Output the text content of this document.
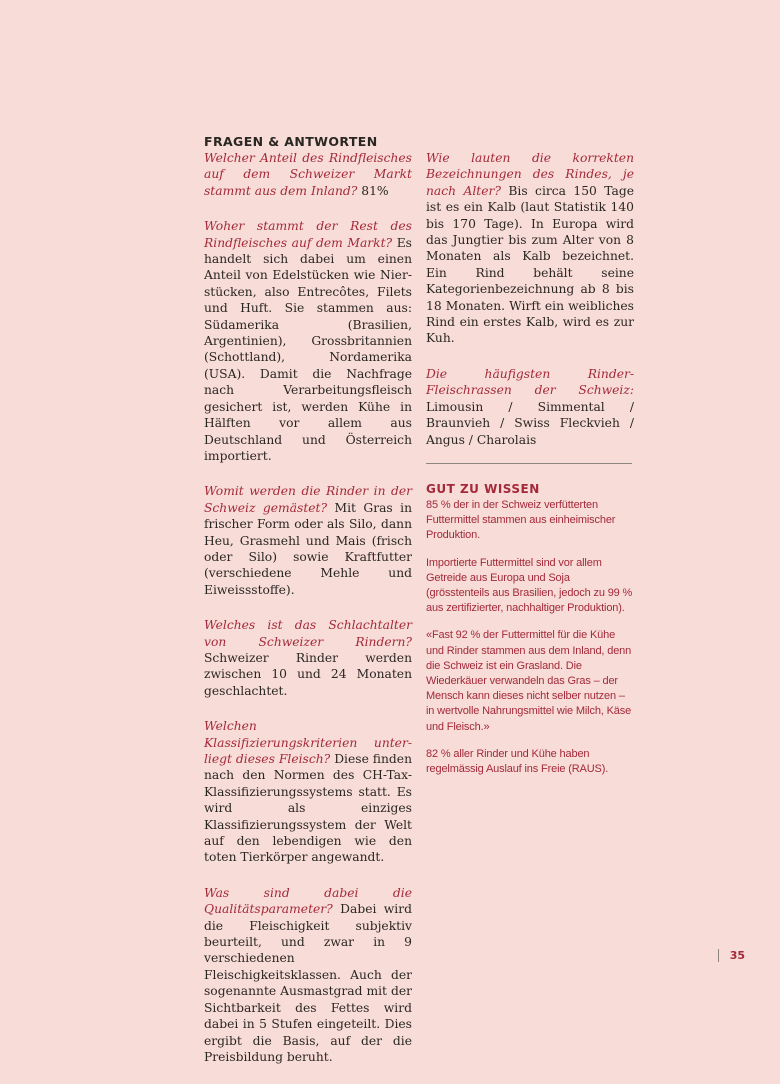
FRAGEN & ANTWORTEN

Welcher Anteil des Rindfleisches auf dem Schweizer Markt stammt aus dem Inland? 81%

Woher stammt der Rest des Rindfleisches auf dem Markt? Es handelt sich dabei um einen Anteil von Edelstücken wie Nierstücken, also Entrecôtes, Filets und Huft. Sie stammen aus: Südamerika (Brasilien, Argentinien), Grossbritannien (Schottland), Nordamerika (USA). Damit die Nachfrage nach Verarbeitungsfleisch gesichert ist, werden Kühe in Hälften vor allem aus Deutschland und Österreich importiert.

Womit werden die Rinder in der Schweiz gemästet? Mit Gras in frischer Form oder als Silo, dann Heu, Grasmehl und Mais (frisch oder Silo) sowie Kraftfutter (verschiedene Mehle und Eiweissstoffe).

Welches ist das Schlachtalter von Schweizer Rindern? Schweizer Rinder werden zwischen 10 und 24 Monaten geschlachtet.

Welchen Klassifizierungskriterien unterliegt dieses Fleisch? Diese finden nach den Normen des CH-Tax-Klassifizierungssystems statt. Es wird als einziges Klassifizierungssystem der Welt auf den lebendigen wie den toten Tierkörper angewandt.

Was sind dabei die Qualitätsparameter? Dabei wird die Fleischigkeit subjektiv beurteilt, und zwar in 9 verschiedenen Fleischigkeitsklassen. Auch der sogenannte Ausmastgrad mit der Sichtbarkeit des Fettes wird dabei in 5 Stufen eingeteilt. Dies ergibt die Basis, auf der die Preisbildung beruht.

Wie lauten die korrekten Bezeichnungen des Rindes, je nach Alter? Bis circa 150 Tage ist es ein Kalb (laut Statistik 140 bis 170 Tage). In Europa wird das Jungtier bis zum Alter von 8 Monaten als Kalb bezeichnet. Ein Rind behält seine Kategorienbezeichnung ab 8 bis 18 Monaten. Wirft ein weibliches Rind ein erstes Kalb, wird es zur Kuh.

Die häufigsten Rinder-Fleischrassen der Schweiz: Limousin / Simmental / Braunvieh / Swiss Fleckvieh / Angus / Charolais

GUT ZU WISSEN

85 % der in der Schweiz verfütterten Futtermittel stammen aus einheimischer Produktion.

Importierte Futtermittel sind vor allem Getreide aus Europa und Soja (grösstenteils aus Brasilien, jedoch zu 99 % aus zertifizierter, nachhaltiger Produktion).

«Fast 92 % der Futtermittel für die Kühe und Rinder stammen aus dem Inland, denn die Schweiz ist ein Grasland. Die Wiederkäuer verwandeln das Gras – der Mensch kann dieses nicht selber nutzen – in wertvolle Nahrungsmittel wie Milch, Käse und Fleisch.»

82 % aller Rinder und Kühe haben regelmässig Auslauf ins Freie (RAUS).

35
